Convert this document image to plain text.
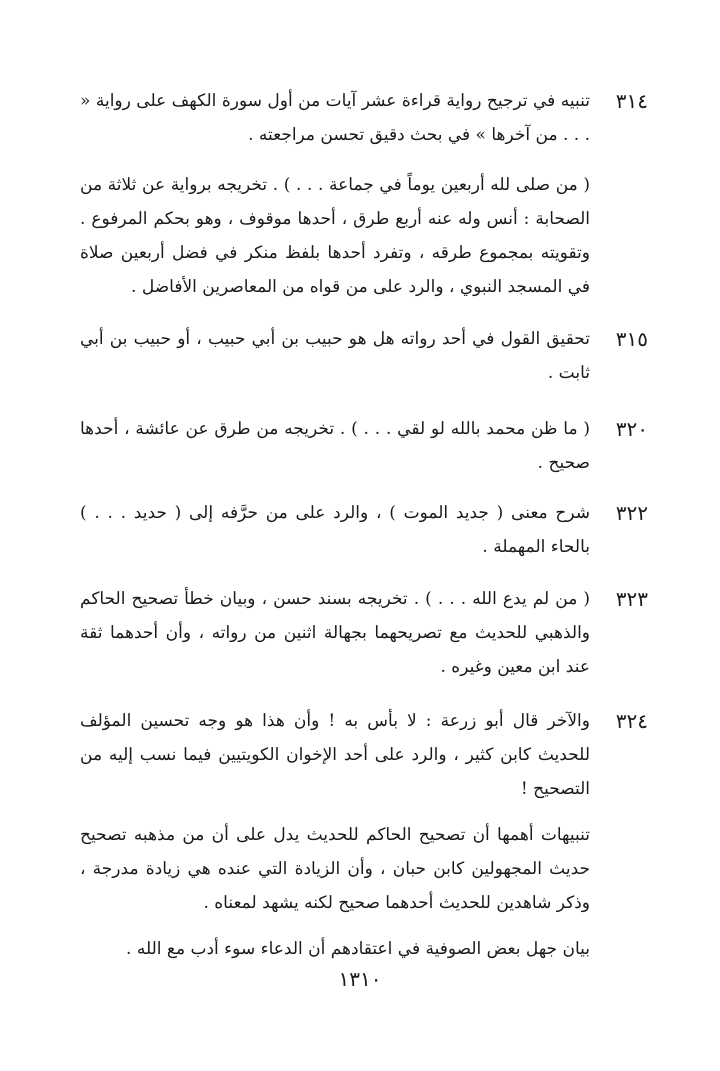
٣١٤

تنبيه في ترجيح رواية قراءة عشر آيات من أول سورة الكهف على رواية « . . . من آخرها » في بحث دقيق تحسن مراجعته .

( من صلى لله أربعين يوماً في جماعة . . . ) . تخريجه برواية عن ثلاثة من الصحابة : أنس وله عنه أربع طرق ، أحدها موقوف ، وهو بحكم المرفوع . وتقويته بمجموع طرقه ، وتفرد أحدها بلفظ منكر في فضل أربعين صلاة في المسجد النبوي ، والرد على من قواه من المعاصرين الأفاضل .

٣١٥

تحقيق القول في أحد رواته هل هو حبيب بن أبي حبيب ، أو حبيب بن أبي ثابت .

٣٢٠

( ما ظن محمد بالله لو لقي . . . ) . تخريجه من طرق عن عائشة ، أحدها صحيح .

٣٢٢

شرح معنى ( جديد الموت ) ، والرد على من حرَّفه إلى ( حديد . . . ) بالحاء المهملة .

٣٢٣

( من لم يدع الله . . . ) . تخريجه بسند حسن ، وبيان خطأ تصحيح الحاكم والذهبي للحديث مع تصريحهما بجهالة اثنين من رواته ، وأن أحدهما ثقة عند ابن معين وغيره .

٣٢٤

والآخر قال أبو زرعة : لا بأس به ! وأن هذا هو وجه تحسين المؤلف للحديث كابن كثير ، والرد على أحد الإخوان الكويتيين فيما نسب إليه من التصحيح !

تنبيهات أهمها أن تصحيح الحاكم للحديث يدل على أن من مذهبه تصحيح حديث المجهولين كابن حبان ، وأن الزيادة التي عنده هي زيادة مدرجة ، وذكر شاهدين للحديث أحدهما صحيح لكنه يشهد لمعناه .

بيان جهل بعض الصوفية في اعتقادهم أن الدعاء سوء أدب مع الله .

١٣١٠
